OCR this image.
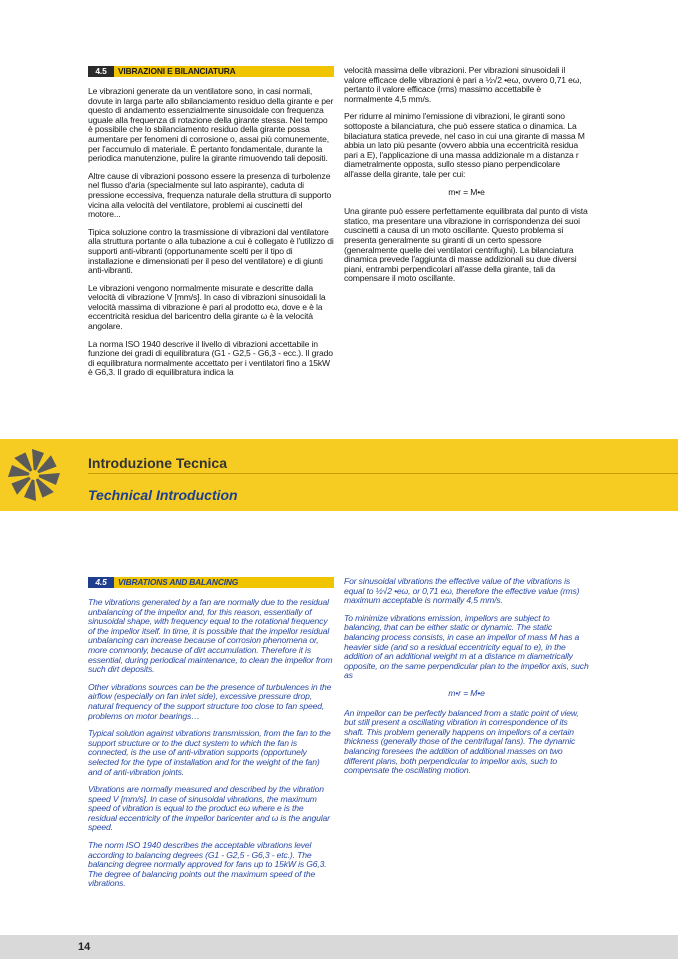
4.5	VIBRAZIONI E BILANCIATURA

Le vibrazioni generate da un ventilatore sono, in casi normali, dovute in larga parte allo sbilanciamento residuo della girante e per questo di andamento essenzialmente sinusoidale con frequenza uguale alla frequenza di rotazione della girante stessa. Nel tempo è possibile che lo sbilanciamento residuo della girante possa aumentare per fenomeni di corrosione o, assai più comunemente, per l'accumulo di materiale. È pertanto fondamentale, durante la periodica manutenzione, pulire la girante rimuovendo tali depositi.

Altre cause di vibrazioni possono essere la presenza di turbolenze nel flusso d'aria (specialmente sul lato aspirante), caduta di pressione eccessiva, frequenza naturale della struttura di supporto vicina alla velocità del ventilatore, problemi ai cuscinetti del motore...

Tipica soluzione contro la trasmissione di vibrazioni dal ventilatore alla struttura portante o alla tubazione a cui è collegato è l'utilizzo di supporti anti-vibranti (opportunamente scelti per il tipo di installazione e dimensionati per il peso del ventilatore) e di giunti anti-vibranti.

Le vibrazioni vengono normalmente misurate e descritte dalla velocità di vibrazione V [mm/s]. In caso di vibrazioni sinusoidali la velocità massima di vibrazione è pari al prodotto eω, dove e è la eccentricità residua del baricentro della girante ω è la velocità angolare.

La norma ISO 1940 descrive il livello di vibrazioni accettabile in funzione dei gradi di equilibratura (G1 - G2,5 - G6,3 - ecc.). Il grado di equilibratura normalmente accettato per i ventilatori fino a 15kW è G6,3. Il grado di equilibratura indica la

velocità massima delle vibrazioni. Per vibrazioni sinusoidali il valore efficace delle vibrazioni è pari a ½√2 •eω, ovvero 0,71 eω, pertanto il valore efficace (rms) massimo accettabile è normalmente 4,5 mm/s.

Per ridurre al minimo l'emissione di vibrazioni, le giranti sono sottoposte a bilanciatura, che può essere statica o dinamica. La bilaciatura statica prevede, nel caso in cui una girante di massa M abbia un lato più pesante (ovvero abbia una eccentricità residua pari a E), l'applicazione di una massa addizionale m a distanza r diametralmente opposta, sullo stesso piano perpendicolare all'asse della girante, tale per cui:

m•r = M•e

Una girante può essere perfettamente equilibrata dal punto di vista statico, ma presentare una vibrazione in corrispondenza dei suoi cuscinetti a causa di un moto oscillante. Questo problema si presenta generalmente su giranti di un certo spessore (generalmente quelle dei ventilatori centrifughi). La bilanciatura dinamica prevede l'aggiunta di masse addizionali su due diversi piani, entrambi perpendicolari all'asse della girante, tali da compensare il moto oscillante.

Introduzione Tecnica
Technical Introduction
4.5	VIBRATIONS AND BALANCING

The vibrations generated by a fan are normally due to the residual unbalancing of the impellor and, for this reason, essentially of sinusoidal shape, with frequency equal to the rotational frequency of the impellor itself. In time, it is possible that the impellor residual unbalancing can increase because of corrosion phenomena or, more commonly, because of dirt accumulation. Therefore it is essential, during periodical maintenance, to clean the impellor from such dirt deposits.

Other vibrations sources can be the presence of turbulences in the airflow (especially on fan inlet side), excessive pressure drop, natural frequency of the support structure too close to fan speed, problems on motor bearings…

Typical solution against vibrations transmission, from the fan to the support structure or to the duct system to which the fan is connected, is the use of anti-vibration supports (opportunely selected for the type of installation and for the weight of the fan) and of anti-vibration joints.

Vibrations are normally measured and described by the vibration speed V [mm/s]. In case of sinusoidal vibrations, the maximum speed of vibration is equal to the product eω where e is the residual eccentricity of the impellor baricenter and ω is the angular speed.

The norm ISO 1940 describes the acceptable vibrations level according to balancing degrees (G1 - G2,5 - G6,3 - etc.). The balancing degree normally approved for fans up to 15kW is G6,3. The degree of balancing points out the maximum speed of the vibrations.

For sinusoidal vibrations the effective value of the vibrations is equal to ½√2 •eω, or 0,71 eω, therefore the effective value (rms) maximum acceptable is normally 4,5 mm/s.

To minimize vibrations emission, impellors are subject to balancing, that can be either static or dynamic. The static balancing process consists, in case an impellor of mass M has a heavier side (and so a residual eccentricity equal to e), in the addition of an additional weight m at a distance m diametrically opposite, on the same perpendicular plan to the impellor axis, such as

m•r = M•e

An impellor can be perfectly balanced from a static point of view, but still present a oscillating vibration in correspondence of its shaft. This problem generally happens on impellors of a certain thickness (generally those of the centrifugal fans). The dynamic balancing foresees the addition of additional masses on two different plans, both perpendicular to impellor axis, such to compensate the oscillating motion.

14
